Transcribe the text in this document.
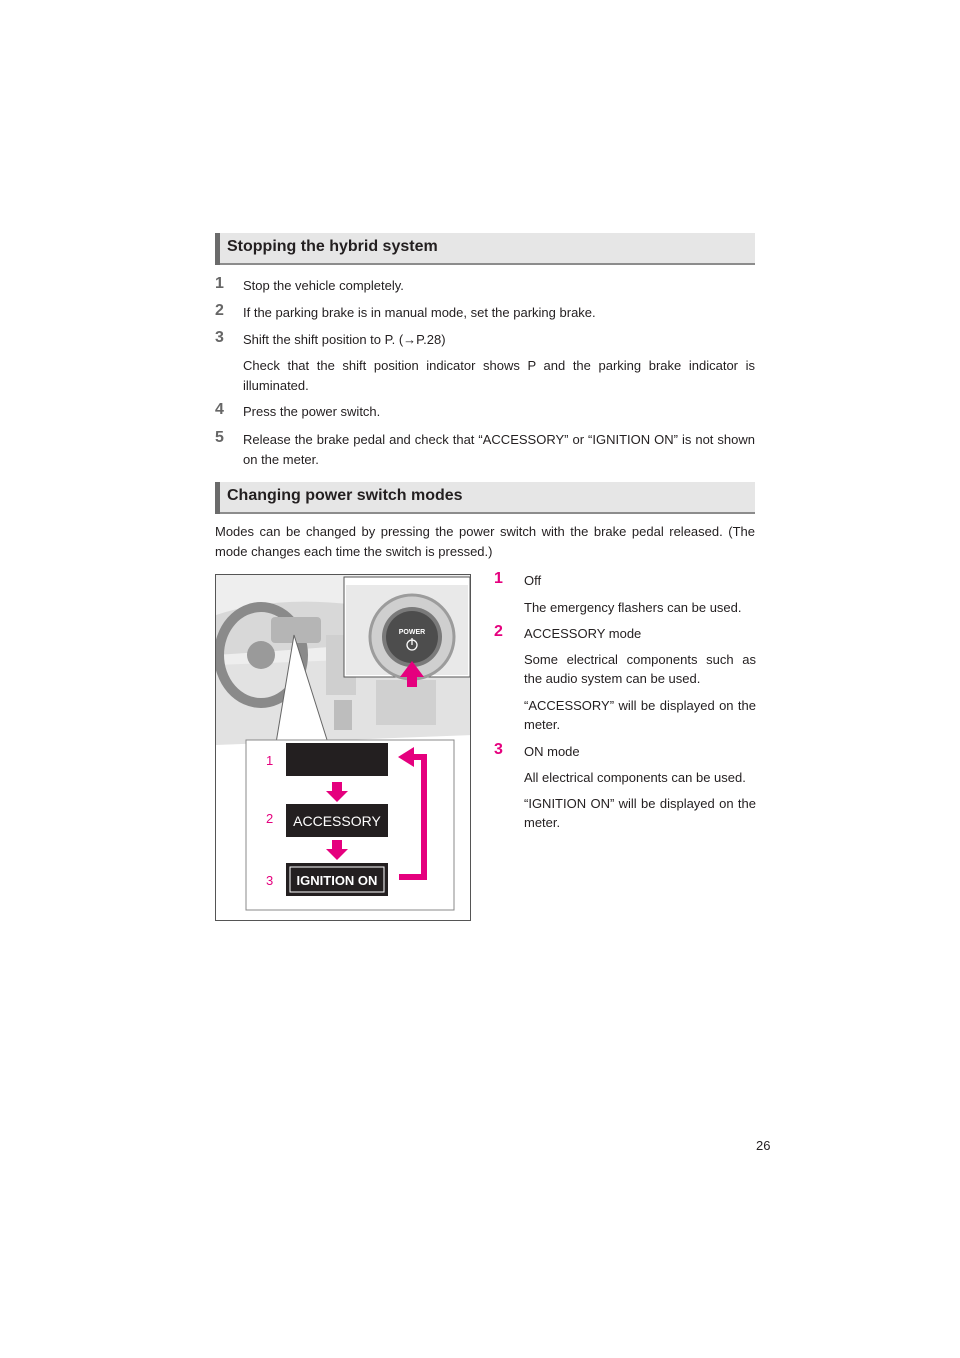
Stopping the hybrid system
1 Stop the vehicle completely.
2 If the parking brake is in manual mode, set the parking brake.
3 Shift the shift position to P. (→P.28)
Check that the shift position indicator shows P and the parking brake indicator is illuminated.
4 Press the power switch.
5 Release the brake pedal and check that “ACCESSORY” or “IGNITION ON” is not shown on the meter.
Changing power switch modes
Modes can be changed by pressing the power switch with the brake pedal released. (The mode changes each time the switch is pressed.)
POWER
1
2 ACCESSORY
3 IGNITION ON
1 Off
The emergency flashers can be used.
2 ACCESSORY mode
Some electrical components such as the audio system can be used.
“ACCESSORY” will be displayed on the meter.
3 ON mode
All electrical components can be used.
“IGNITION ON” will be displayed on the meter.
26
